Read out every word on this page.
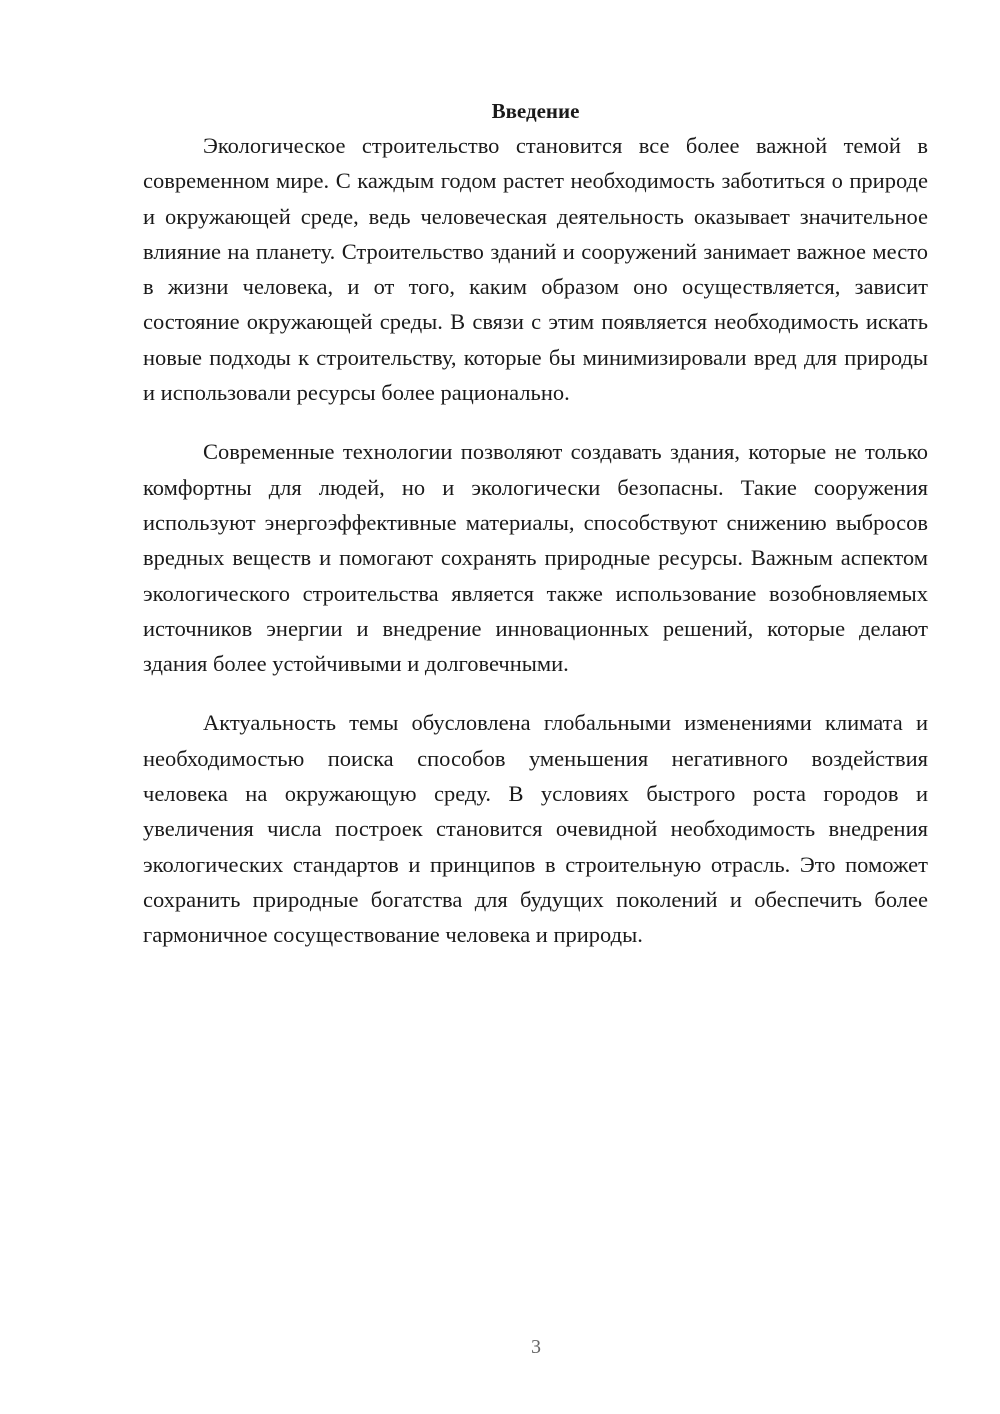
Введение

Экологическое строительство становится все более важной темой в современном мире. С каждым годом растет необходимость заботиться о природе и окружающей среде, ведь человеческая деятельность оказывает значительное влияние на планету. Строительство зданий и сооружений занимает важное место в жизни человека, и от того, каким образом оно осуществляется, зависит состояние окружающей среды. В связи с этим появляется необходимость искать новые подходы к строительству, которые бы минимизировали вред для природы и использовали ресурсы более рационально.

Современные технологии позволяют создавать здания, которые не только комфортны для людей, но и экологически безопасны. Такие сооружения используют энергоэффективные материалы, способствуют снижению выбросов вредных веществ и помогают сохранять природные ресурсы. Важным аспектом экологического строительства является также использование возобновляемых источников энергии и внедрение инновационных решений, которые делают здания более устойчивыми и долговечными.

Актуальность темы обусловлена глобальными изменениями климата и необходимостью поиска способов уменьшения негативного воздействия человека на окружающую среду. В условиях быстрого роста городов и увеличения числа построек становится очевидной необходимость внедрения экологических стандартов и принципов в строительную отрасль. Это поможет сохранить природные богатства для будущих поколений и обеспечить более гармоничное сосуществование человека и природы.

3
